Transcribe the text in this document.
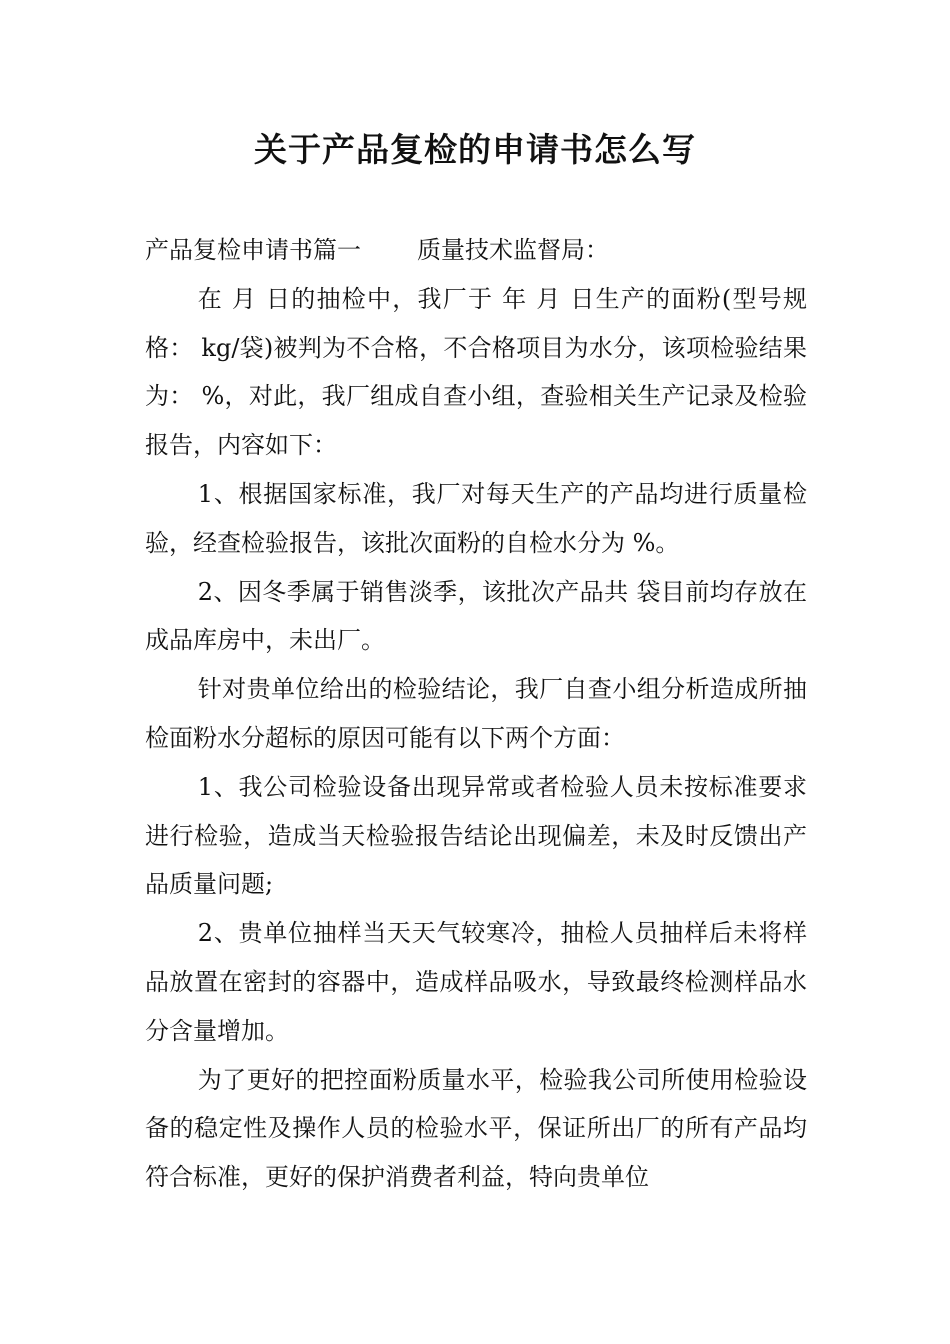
关于产品复检的申请书怎么写

产品复检申请书篇一 质量技术监督局：

在 月 日的抽检中，我厂于 年 月 日生产的面粉(型号规格： kg/袋)被判为不合格，不合格项目为水分，该项检验结果为： %，对此，我厂组成自查小组，查验相关生产记录及检验报告，内容如下：

1、根据国家标准，我厂对每天生产的产品均进行质量检验，经查检验报告，该批次面粉的自检水分为 %。

2、因冬季属于销售淡季，该批次产品共 袋目前均存放在成品库房中，未出厂。

针对贵单位给出的检验结论，我厂自查小组分析造成所抽检面粉水分超标的原因可能有以下两个方面：

1、我公司检验设备出现异常或者检验人员未按标准要求进行检验，造成当天检验报告结论出现偏差，未及时反馈出产品质量问题;

2、贵单位抽样当天天气较寒冷，抽检人员抽样后未将样品放置在密封的容器中，造成样品吸水，导致最终检测样品水分含量增加。

为了更好的把控面粉质量水平，检验我公司所使用检验设备的稳定性及操作人员的检验水平，保证所出厂的所有产品均符合标准，更好的保护消费者利益，特向贵单位
